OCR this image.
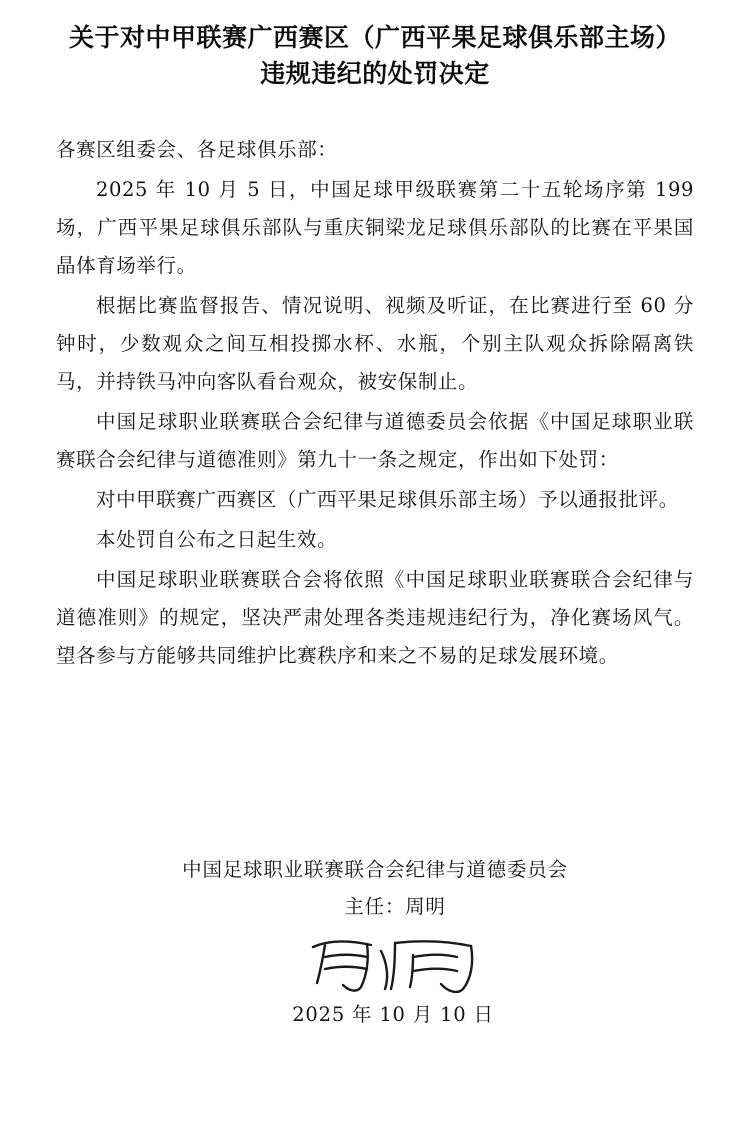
关于对中甲联赛广西赛区（广西平果足球俱乐部主场）违规违纪的处罚决定

各赛区组委会、各足球俱乐部：

2025 年 10 月 5 日，中国足球甲级联赛第二十五轮场序第 199 场，广西平果足球俱乐部队与重庆铜梁龙足球俱乐部队的比赛在平果国晶体育场举行。

根据比赛监督报告、情况说明、视频及听证，在比赛进行至 60 分钟时，少数观众之间互相投掷水杯、水瓶，个别主队观众拆除隔离铁马，并持铁马冲向客队看台观众，被安保制止。

中国足球职业联赛联合会纪律与道德委员会依据《中国足球职业联赛联合会纪律与道德准则》第九十一条之规定，作出如下处罚：

对中甲联赛广西赛区（广西平果足球俱乐部主场）予以通报批评。

本处罚自公布之日起生效。

中国足球职业联赛联合会将依照《中国足球职业联赛联合会纪律与道德准则》的规定，坚决严肃处理各类违规违纪行为，净化赛场风气。望各参与方能够共同维护比赛秩序和来之不易的足球发展环境。

中国足球职业联赛联合会纪律与道德委员会
主任：周明
2025 年 10 月 10 日
